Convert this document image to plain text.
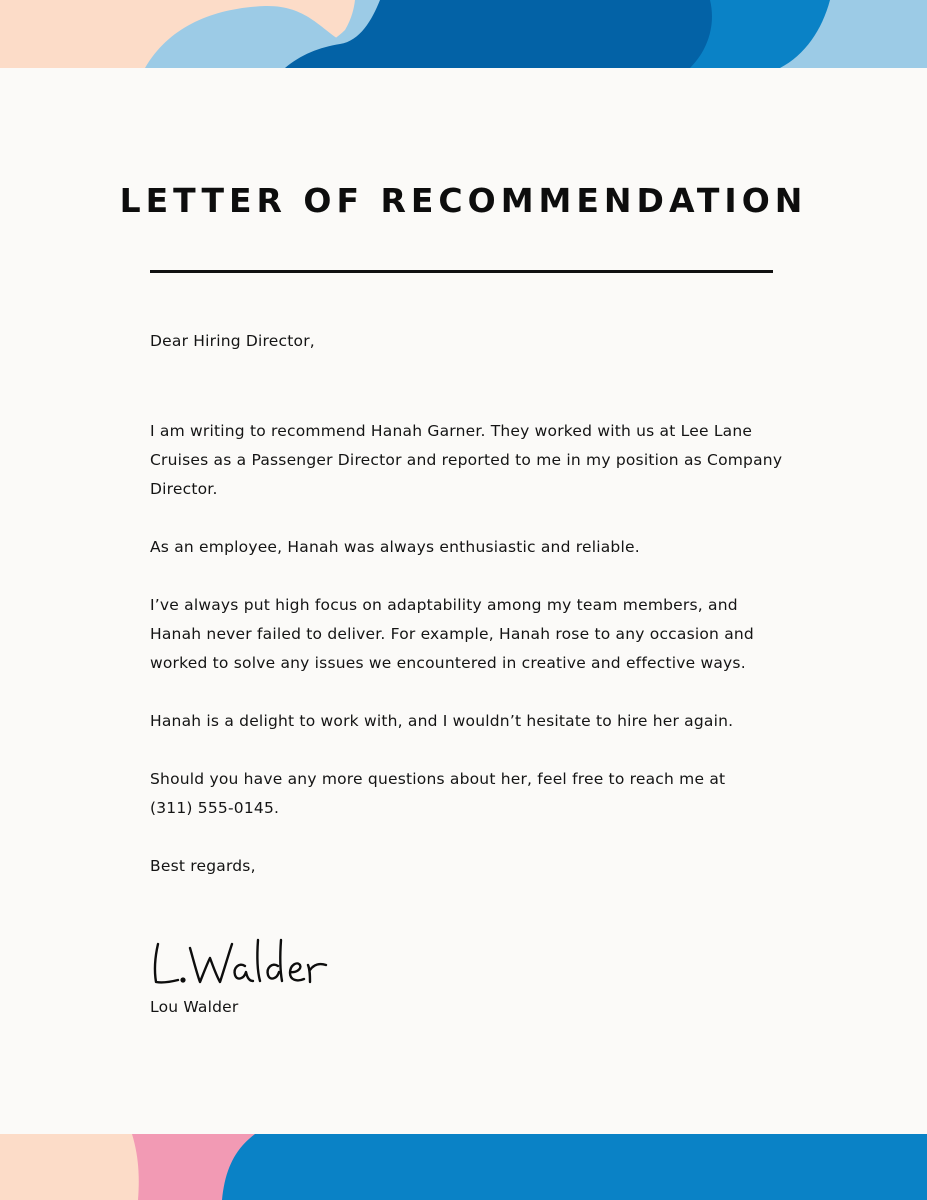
LETTER OF RECOMMENDATION

Dear Hiring Director,

I am writing to recommend Hanah Garner. They worked with us at Lee Lane Cruises as a Passenger Director and reported to me in my position as Company Director.

As an employee, Hanah was always enthusiastic and reliable.

I’ve always put high focus on adaptability among my team members, and Hanah never failed to deliver. For example, Hanah rose to any occasion and worked to solve any issues we encountered in creative and effective ways.

Hanah is a delight to work with, and I wouldn’t hesitate to hire her again.

Should you have any more questions about her, feel free to reach me at (311) 555-0145.

Best regards,

Lou Walder
